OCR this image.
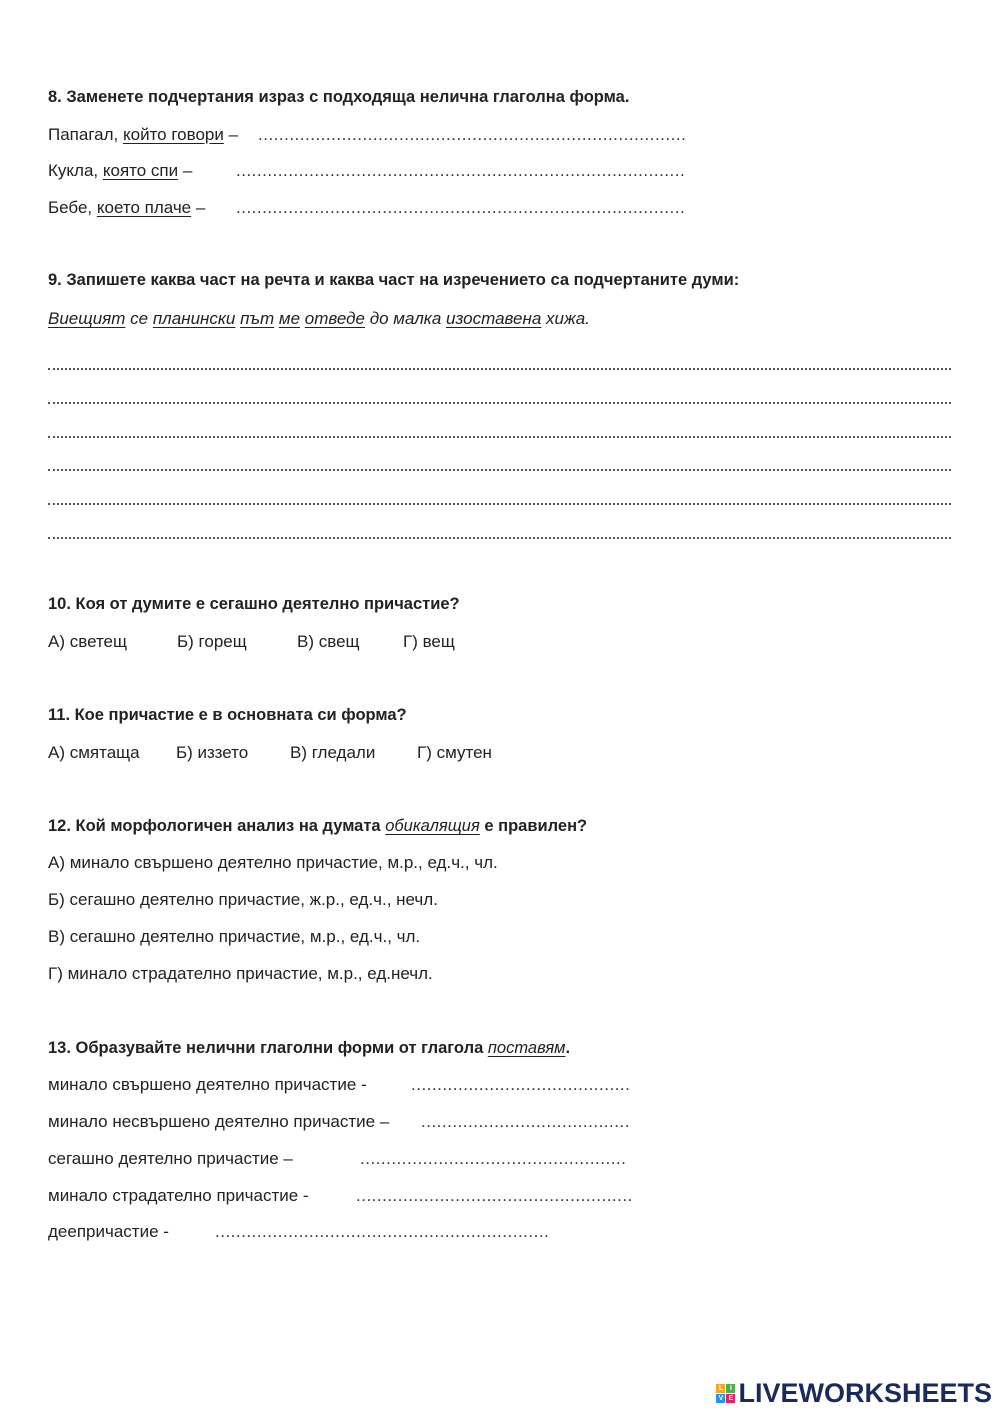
8. Заменете подчертания израз с подходяща нелична глаголна форма.
Папагал, който говори – ..................................................................................
Кукла, която спи –	......................................................................................
Бебе, което плаче – ......................................................................................
9. Запишете каква част на речта и каква част на изречението са подчертаните думи:
Виещият се планински път ме отведе до малка изоставена хижа.
10. Коя от думите е сегашно деятелно причастие?
А) светещ	Б) горещ	В) свещ	Г) вещ
11. Кое причастие е в основната си форма?
А) смятаща Б) иззето В) гледали Г) смутен
12. Кой морфологичен анализ на думата обикалящия е правилен?
А) минало свършено деятелно причастие, м.р., ед.ч., чл.
Б) сегашно деятелно причастие, ж.р., ед.ч., нечл.
В) сегашно деятелно причастие, м.р., ед.ч., чл.
Г) минало страдателно причастие, м.р., ед.нечл.
13. Образувайте нелични глаголни форми от глагола поставям.
минало свършено деятелно причастие -	..........................................
минало несвършено деятелно причастие – ........................................
сегашно деятелно причастие –	...................................................
минало страдателно причастие -	.....................................................
деепричастие -	................................................................
L I
V E LIVEWORKSHEETS
